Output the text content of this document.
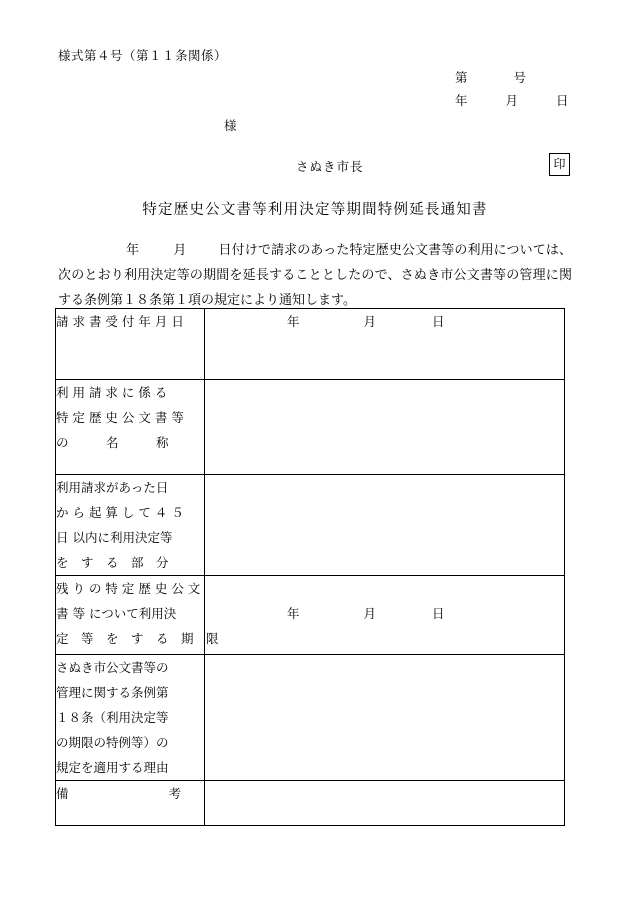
様式第４号（第１１条関係）
第	号
年	月	日
様
さぬき市長	印
特定歴史公文書等利用決定等期間特例延長通知書
年	月 日付けで請求のあった特定歴史公文書等の利用については、次のとおり利用決定等の期間を延長することとしたので、さぬき市公文書等の管理に関する条例第１８条第１項の規定により通知します。
請 求 書 受 付 年 月 日	年 月 日

利 用 請 求 に 係 る
特 定 歴 史 公 文 書 等
の　　　名　　　称	

利用請求があった日
か ら 起 算 し て ４ ５
日 以内に利用決定等
を　す　る　部　分	

残 り の 特 定 歴 史 公 文
書 等 について利用決
定　等　を　す　る　期　限	年 月 日

さぬき市公文書等の
管理に関する条例第
１８条（利用決定等
の期限の特例等）の
規定を適用する理由	

備　　　　　　　　考	
